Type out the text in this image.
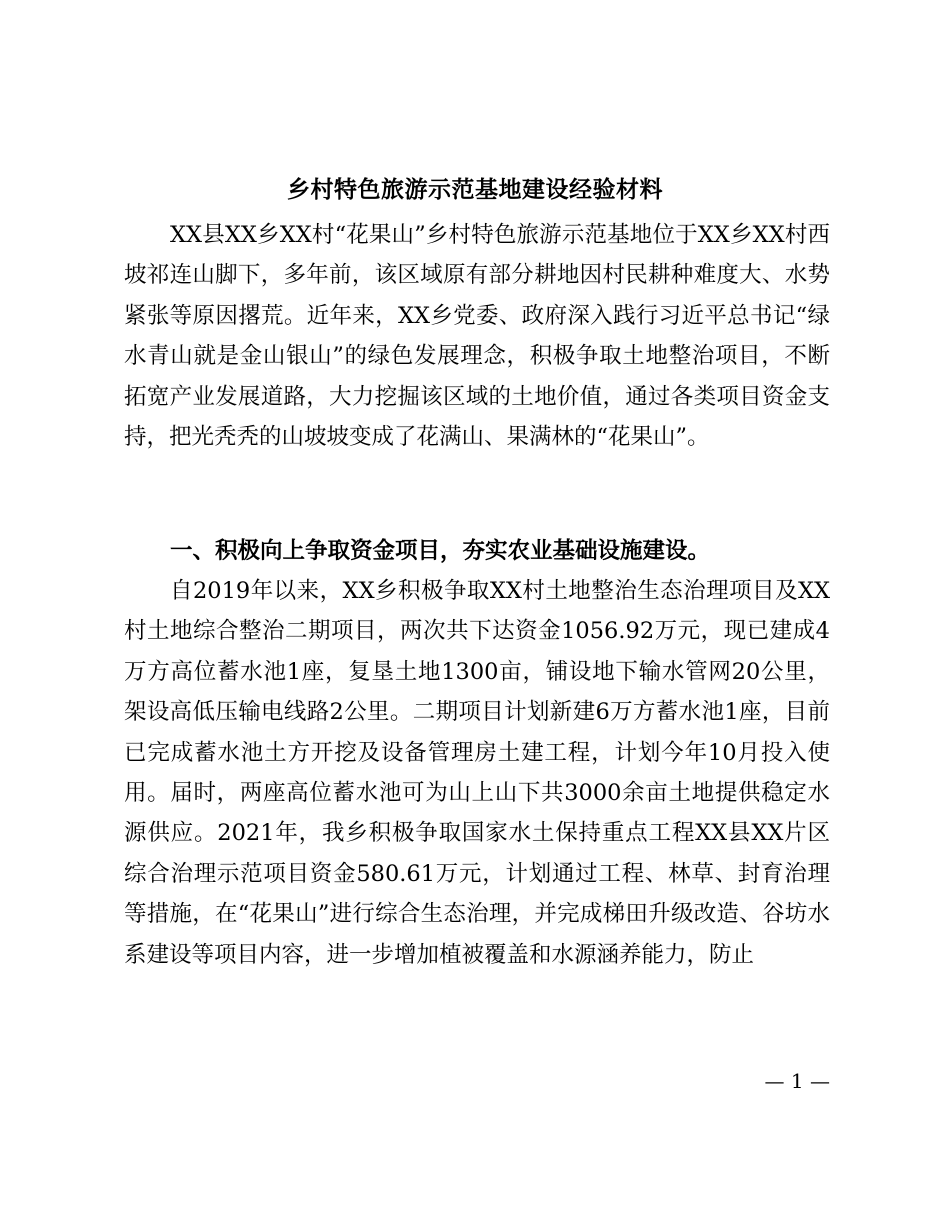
乡村特色旅游示范基地建设经验材料

XX县XX乡XX村“花果山”乡村特色旅游示范基地位于XX乡XX村西坡祁连山脚下，多年前，该区域原有部分耕地因村民耕种难度大、水势紧张等原因撂荒。近年来，XX乡党委、政府深入践行习近平总书记“绿水青山就是金山银山”的绿色发展理念，积极争取土地整治项目，不断拓宽产业发展道路，大力挖掘该区域的土地价值，通过各类项目资金支持，把光秃秃的山坡坡变成了花满山、果满林的“花果山”。

一、积极向上争取资金项目，夯实农业基础设施建设。

自2019年以来，XX乡积极争取XX村土地整治生态治理项目及XX村土地综合整治二期项目，两次共下达资金1056.92万元，现已建成4万方高位蓄水池1座，复垦土地1300亩，铺设地下输水管网20公里，架设高低压输电线路2公里。二期项目计划新建6万方蓄水池1座，目前已完成蓄水池土方开挖及设备管理房土建工程，计划今年10月投入使用。届时，两座高位蓄水池可为山上山下共3000余亩土地提供稳定水源供应。2021年，我乡积极争取国家水土保持重点工程XX县XX片区综合治理示范项目资金580.61万元，计划通过工程、林草、封育治理等措施，在“花果山”进行综合生态治理，并完成梯田升级改造、谷坊水系建设等项目内容，进一步增加植被覆盖和水源涵养能力，防止

— 1 —
